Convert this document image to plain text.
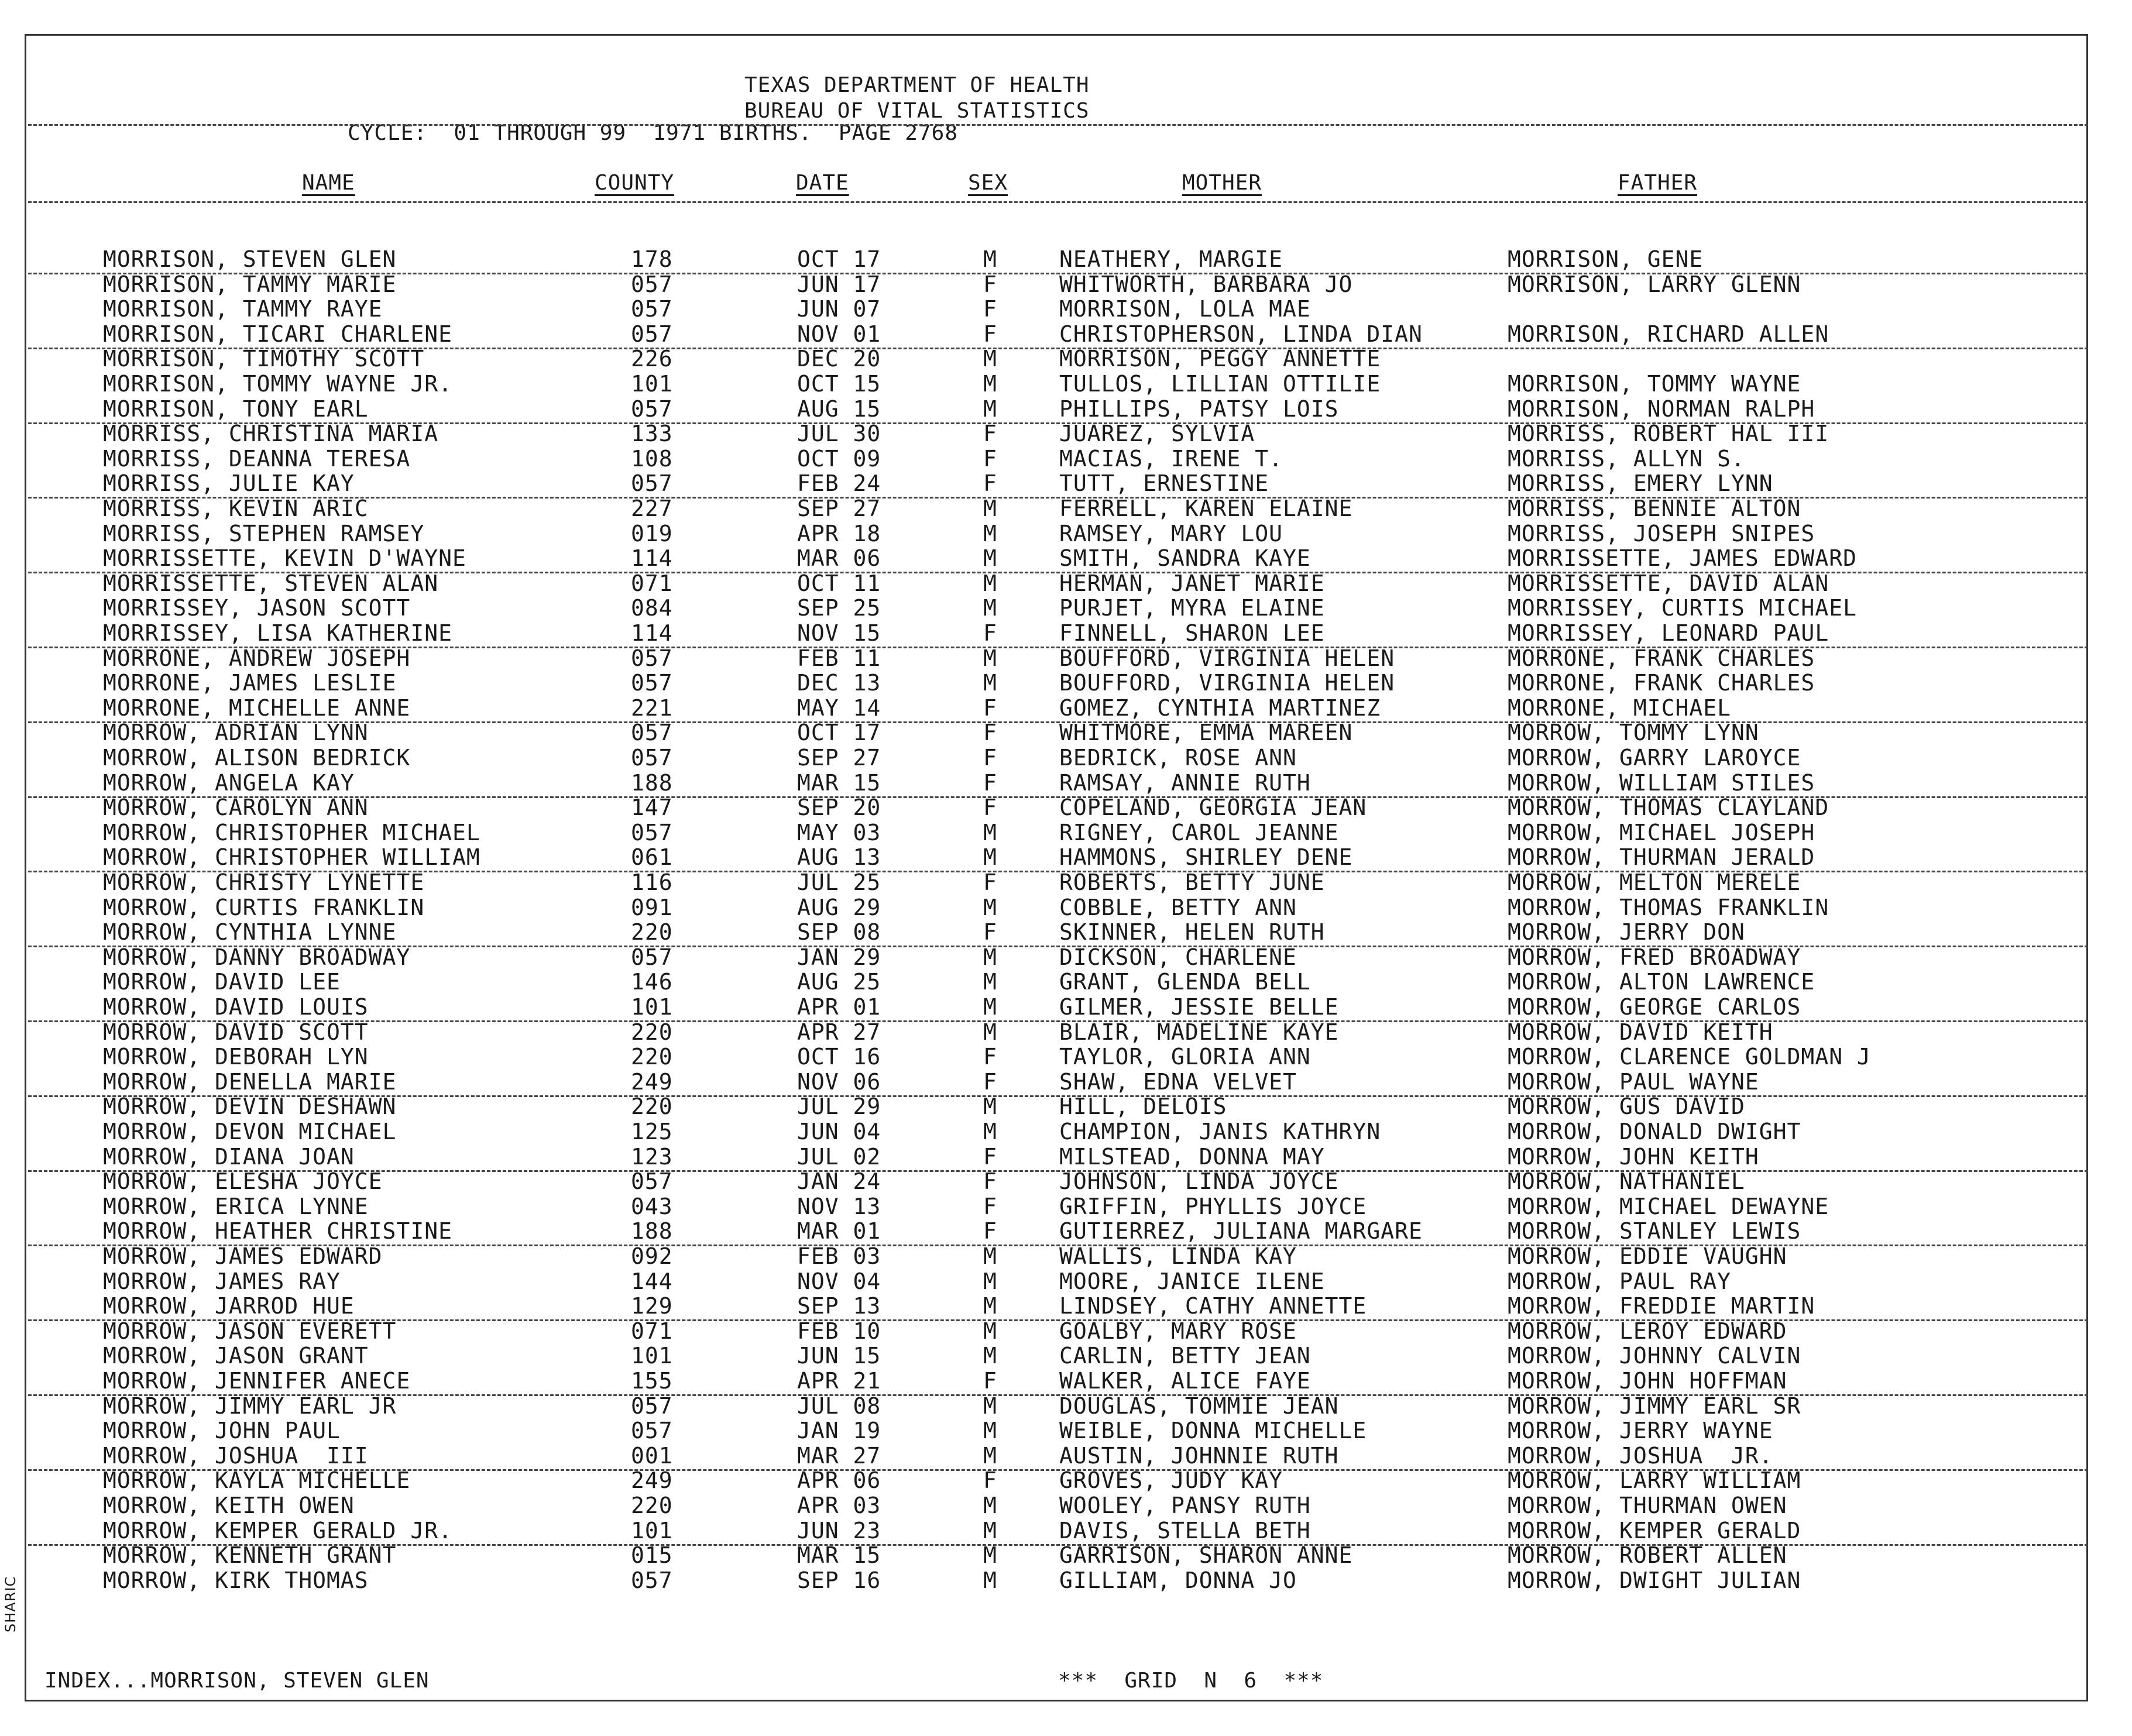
TEXAS DEPARTMENT OF HEALTH
BUREAU OF VITAL STATISTICS
CYCLE:  01 THROUGH 99  1971 BIRTHS.  PAGE 2768
NAME	COUNTY	DATE	SEX	MOTHER	FATHER
MORRISON, STEVEN GLEN	178	OCT 17	M	NEATHERY, MARGIE	MORRISON, GENE
MORRISON, TAMMY MARIE	057	JUN 17	F	WHITWORTH, BARBARA JO	MORRISON, LARRY GLENN
MORRISON, TAMMY RAYE	057	JUN 07	F	MORRISON, LOLA MAE
MORRISON, TICARI CHARLENE	057	NOV 01	F	CHRISTOPHERSON, LINDA DIAN	MORRISON, RICHARD ALLEN
MORRISON, TIMOTHY SCOTT	226	DEC 20	M	MORRISON, PEGGY ANNETTE
MORRISON, TOMMY WAYNE JR.	101	OCT 15	M	TULLOS, LILLIAN OTTILIE	MORRISON, TOMMY WAYNE
MORRISON, TONY EARL	057	AUG 15	M	PHILLIPS, PATSY LOIS	MORRISON, NORMAN RALPH
MORRISS, CHRISTINA MARIA	133	JUL 30	F	JUAREZ, SYLVIA	MORRISS, ROBERT HAL III
MORRISS, DEANNA TERESA	108	OCT 09	F	MACIAS, IRENE T.	MORRISS, ALLYN S.
MORRISS, JULIE KAY	057	FEB 24	F	TUTT, ERNESTINE	MORRISS, EMERY LYNN
MORRISS, KEVIN ARIC	227	SEP 27	M	FERRELL, KAREN ELAINE	MORRISS, BENNIE ALTON
MORRISS, STEPHEN RAMSEY	019	APR 18	M	RAMSEY, MARY LOU	MORRISS, JOSEPH SNIPES
MORRISSETTE, KEVIN D'WAYNE	114	MAR 06	M	SMITH, SANDRA KAYE	MORRISSETTE, JAMES EDWARD
MORRISSETTE, STEVEN ALAN	071	OCT 11	M	HERMAN, JANET MARIE	MORRISSETTE, DAVID ALAN
MORRISSEY, JASON SCOTT	084	SEP 25	M	PURJET, MYRA ELAINE	MORRISSEY, CURTIS MICHAEL
MORRISSEY, LISA KATHERINE	114	NOV 15	F	FINNELL, SHARON LEE	MORRISSEY, LEONARD PAUL
MORRONE, ANDREW JOSEPH	057	FEB 11	M	BOUFFORD, VIRGINIA HELEN	MORRONE, FRANK CHARLES
MORRONE, JAMES LESLIE	057	DEC 13	M	BOUFFORD, VIRGINIA HELEN	MORRONE, FRANK CHARLES
MORRONE, MICHELLE ANNE	221	MAY 14	F	GOMEZ, CYNTHIA MARTINEZ	MORRONE, MICHAEL
MORROW, ADRIAN LYNN	057	OCT 17	F	WHITMORE, EMMA MAREEN	MORROW, TOMMY LYNN
MORROW, ALISON BEDRICK	057	SEP 27	F	BEDRICK, ROSE ANN	MORROW, GARRY LAROYCE
MORROW, ANGELA KAY	188	MAR 15	F	RAMSAY, ANNIE RUTH	MORROW, WILLIAM STILES
MORROW, CAROLYN ANN	147	SEP 20	F	COPELAND, GEORGIA JEAN	MORROW, THOMAS CLAYLAND
MORROW, CHRISTOPHER MICHAEL	057	MAY 03	M	RIGNEY, CAROL JEANNE	MORROW, MICHAEL JOSEPH
MORROW, CHRISTOPHER WILLIAM	061	AUG 13	M	HAMMONS, SHIRLEY DENE	MORROW, THURMAN JERALD
MORROW, CHRISTY LYNETTE	116	JUL 25	F	ROBERTS, BETTY JUNE	MORROW, MELTON MERELE
MORROW, CURTIS FRANKLIN	091	AUG 29	M	COBBLE, BETTY ANN	MORROW, THOMAS FRANKLIN
MORROW, CYNTHIA LYNNE	220	SEP 08	F	SKINNER, HELEN RUTH	MORROW, JERRY DON
MORROW, DANNY BROADWAY	057	JAN 29	M	DICKSON, CHARLENE	MORROW, FRED BROADWAY
MORROW, DAVID LEE	146	AUG 25	M	GRANT, GLENDA BELL	MORROW, ALTON LAWRENCE
MORROW, DAVID LOUIS	101	APR 01	M	GILMER, JESSIE BELLE	MORROW, GEORGE CARLOS
MORROW, DAVID SCOTT	220	APR 27	M	BLAIR, MADELINE KAYE	MORROW, DAVID KEITH
MORROW, DEBORAH LYN	220	OCT 16	F	TAYLOR, GLORIA ANN	MORROW, CLARENCE GOLDMAN J
MORROW, DENELLA MARIE	249	NOV 06	F	SHAW, EDNA VELVET	MORROW, PAUL WAYNE
MORROW, DEVIN DESHAWN	220	JUL 29	M	HILL, DELOIS	MORROW, GUS DAVID
MORROW, DEVON MICHAEL	125	JUN 04	M	CHAMPION, JANIS KATHRYN	MORROW, DONALD DWIGHT
MORROW, DIANA JOAN	123	JUL 02	F	MILSTEAD, DONNA MAY	MORROW, JOHN KEITH
MORROW, ELESHA JOYCE	057	JAN 24	F	JOHNSON, LINDA JOYCE	MORROW, NATHANIEL
MORROW, ERICA LYNNE	043	NOV 13	F	GRIFFIN, PHYLLIS JOYCE	MORROW, MICHAEL DEWAYNE
MORROW, HEATHER CHRISTINE	188	MAR 01	F	GUTIERREZ, JULIANA MARGARE	MORROW, STANLEY LEWIS
MORROW, JAMES EDWARD	092	FEB 03	M	WALLIS, LINDA KAY	MORROW, EDDIE VAUGHN
MORROW, JAMES RAY	144	NOV 04	M	MOORE, JANICE ILENE	MORROW, PAUL RAY
MORROW, JARROD HUE	129	SEP 13	M	LINDSEY, CATHY ANNETTE	MORROW, FREDDIE MARTIN
MORROW, JASON EVERETT	071	FEB 10	M	GOALBY, MARY ROSE	MORROW, LEROY EDWARD
MORROW, JASON GRANT	101	JUN 15	M	CARLIN, BETTY JEAN	MORROW, JOHNNY CALVIN
MORROW, JENNIFER ANECE	155	APR 21	F	WALKER, ALICE FAYE	MORROW, JOHN HOFFMAN
MORROW, JIMMY EARL JR	057	JUL 08	M	DOUGLAS, TOMMIE JEAN	MORROW, JIMMY EARL SR
MORROW, JOHN PAUL	057	JAN 19	M	WEIBLE, DONNA MICHELLE	MORROW, JERRY WAYNE
MORROW, JOSHUA  III	001	MAR 27	M	AUSTIN, JOHNNIE RUTH	MORROW, JOSHUA  JR.
MORROW, KAYLA MICHELLE	249	APR 06	F	GROVES, JUDY KAY	MORROW, LARRY WILLIAM
MORROW, KEITH OWEN	220	APR 03	M	WOOLEY, PANSY RUTH	MORROW, THURMAN OWEN
MORROW, KEMPER GERALD JR.	101	JUN 23	M	DAVIS, STELLA BETH	MORROW, KEMPER GERALD
MORROW, KENNETH GRANT	015	MAR 15	M	GARRISON, SHARON ANNE	MORROW, ROBERT ALLEN
MORROW, KIRK THOMAS	057	SEP 16	M	GILLIAM, DONNA JO	MORROW, DWIGHT JULIAN
INDEX...MORRISON, STEVEN GLEN	***  GRID  N  6  ***
SHARIC
